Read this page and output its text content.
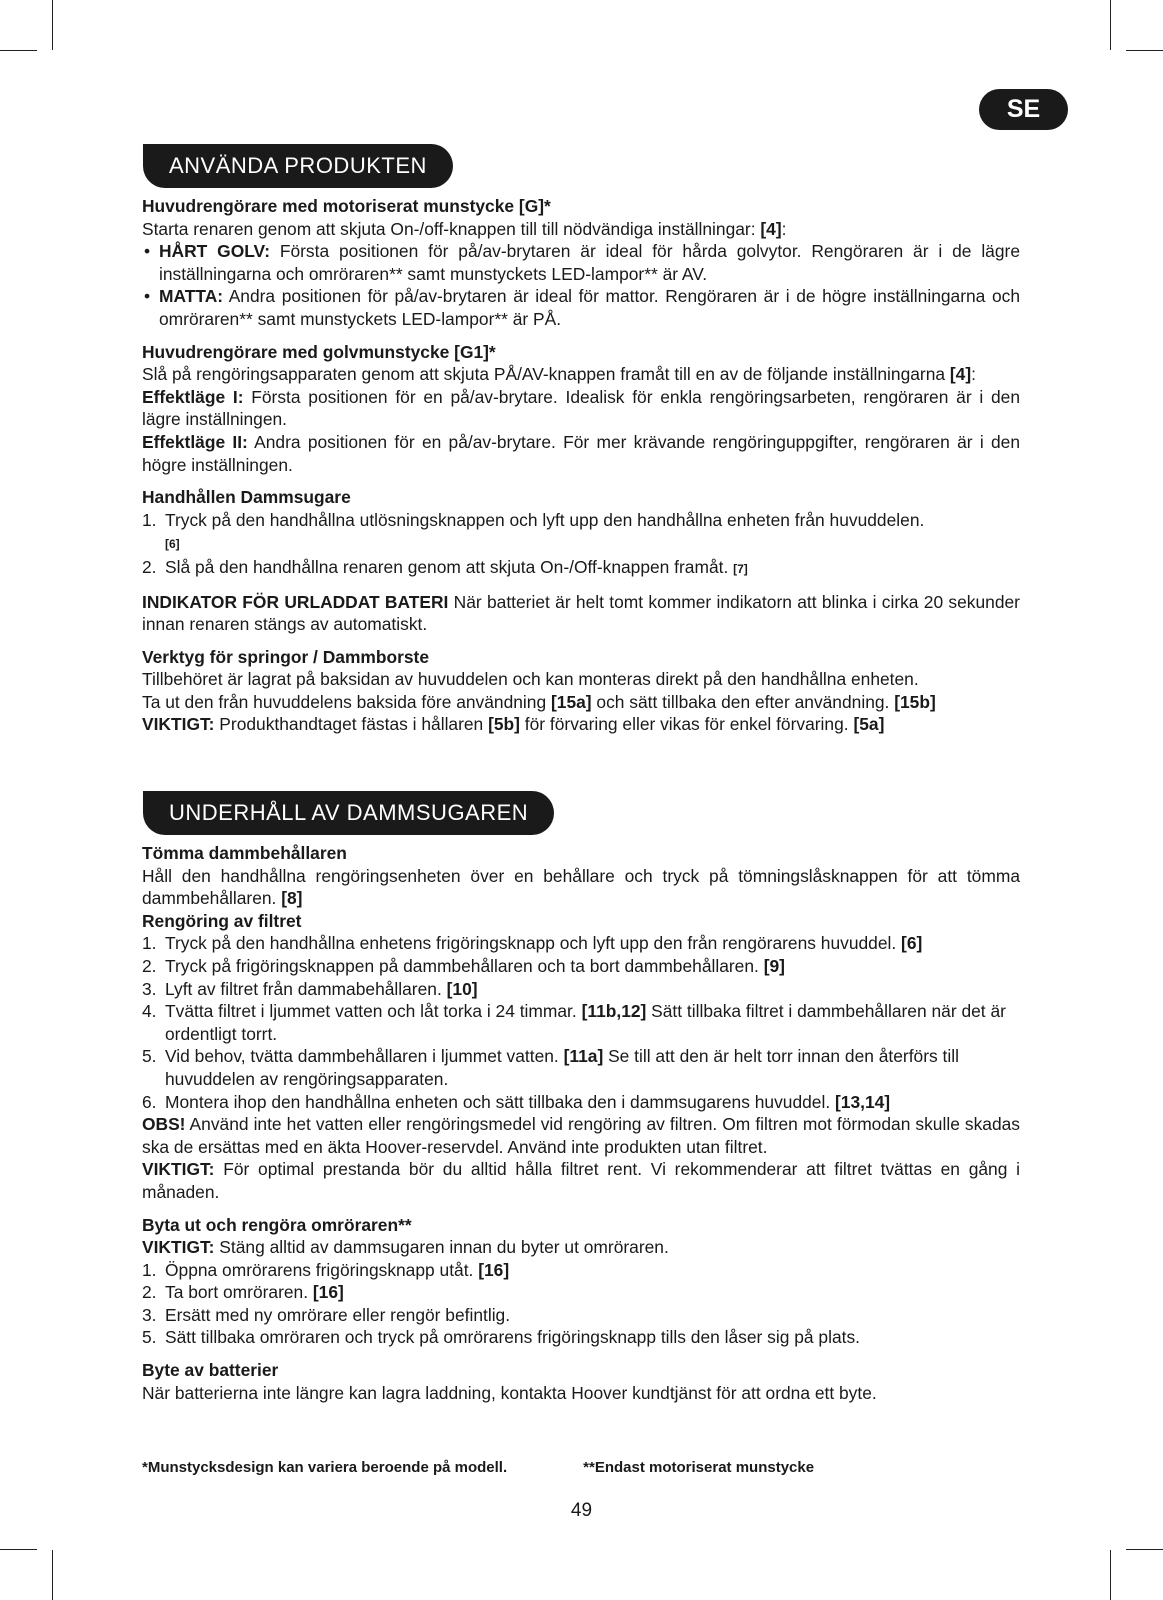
SE
ANVÄNDA PRODUKTEN
Huvudrengörare med motoriserat munstycke [G]*

Starta renaren genom att skjuta On-/off-knappen till till nödvändiga inställningar: [4]:

• HÅRT GOLV: Första positionen för på/av-brytaren är ideal för hårda golvytor. Rengöraren är i de lägre inställningarna och omröraren** samt munstyckets LED-lampor** är AV.

• MATTA: Andra positionen för på/av-brytaren är ideal för mattor. Rengöraren är i de högre inställningarna och omröraren** samt munstyckets LED-lampor** är PÅ.

Huvudrengörare med golvmunstycke [G1]*

Slå på rengöringsapparaten genom att skjuta PÅ/AV-knappen framåt till en av de följande inställningarna [4]:

Effektläge I: Första positionen för en på/av-brytare. Idealisk för enkla rengöringsarbeten, rengöraren är i den lägre inställningen.

Effektläge II: Andra positionen för en på/av-brytare. För mer krävande rengöringuppgifter, rengöraren är i den högre inställningen.

Handhållen Dammsugare
1. Tryck på den handhållna utlösningsknappen och lyft upp den handhållna enheten från huvuddelen.
[6]
2. Slå på den handhållna renaren genom att skjuta On-/Off-knappen framåt. [7]

INDIKATOR FÖR URLADDAT BATERI När batteriet är helt tomt kommer indikatorn att blinka i cirka 20 sekunder innan renaren stängs av automatiskt.

Verktyg för springor / Dammborste

Tillbehöret är lagrat på baksidan av huvuddelen och kan monteras direkt på den handhållna enheten.

Ta ut den från huvuddelens baksida före användning [15a] och sätt tillbaka den efter användning. [15b]

VIKTIGT: Produkthandtaget fästas i hållaren [5b] för förvaring eller vikas för enkel förvaring. [5a]

UNDERHÅLL AV DAMMSUGAREN
Tömma dammbehållaren

Håll den handhållna rengöringsenheten över en behållare och tryck på tömningslåsknappen för att tömma dammbehållaren. [8]

Rengöring av filtret
1. Tryck på den handhållna enhetens frigöringsknapp och lyft upp den från rengörarens huvuddel. [6]
2. Tryck på frigöringsknappen på dammbehållaren och ta bort dammbehållaren. [9]
3. Lyft av filtret från dammabehållaren. [10]
4. Tvätta filtret i ljummet vatten och låt torka i 24 timmar. [11b,12] Sätt tillbaka filtret i dammbehållaren när det är ordentligt torrt.
5. Vid behov, tvätta dammbehållaren i ljummet vatten. [11a] Se till att den är helt torr innan den återförs till huvuddelen av rengöringsapparaten.
6. Montera ihop den handhållna enheten och sätt tillbaka den i dammsugarens huvuddel. [13,14]

OBS! Använd inte het vatten eller rengöringsmedel vid rengöring av filtren. Om filtren mot förmodan skulle skadas ska de ersättas med en äkta Hoover-reservdel. Använd inte produkten utan filtret.

VIKTIGT: För optimal prestanda bör du alltid hålla filtret rent. Vi rekommenderar att filtret tvättas en gång i månaden.

Byta ut och rengöra omröraren**

VIKTIGT: Stäng alltid av dammsugaren innan du byter ut omröraren.

1. Öppna omrörarens frigöringsknapp utåt. [16]
2. Ta bort omröraren. [16]
3. Ersätt med ny omrörare eller rengör befintlig.
5. Sätt tillbaka omröraren och tryck på omrörarens frigöringsknapp tills den låser sig på plats.
Byte av batterier

När batterierna inte längre kan lagra laddning, kontakta Hoover kundtjänst för att ordna ett byte.

*Munstycksdesign kan variera beroende på modell.	**Endast motoriserat munstycke
49
